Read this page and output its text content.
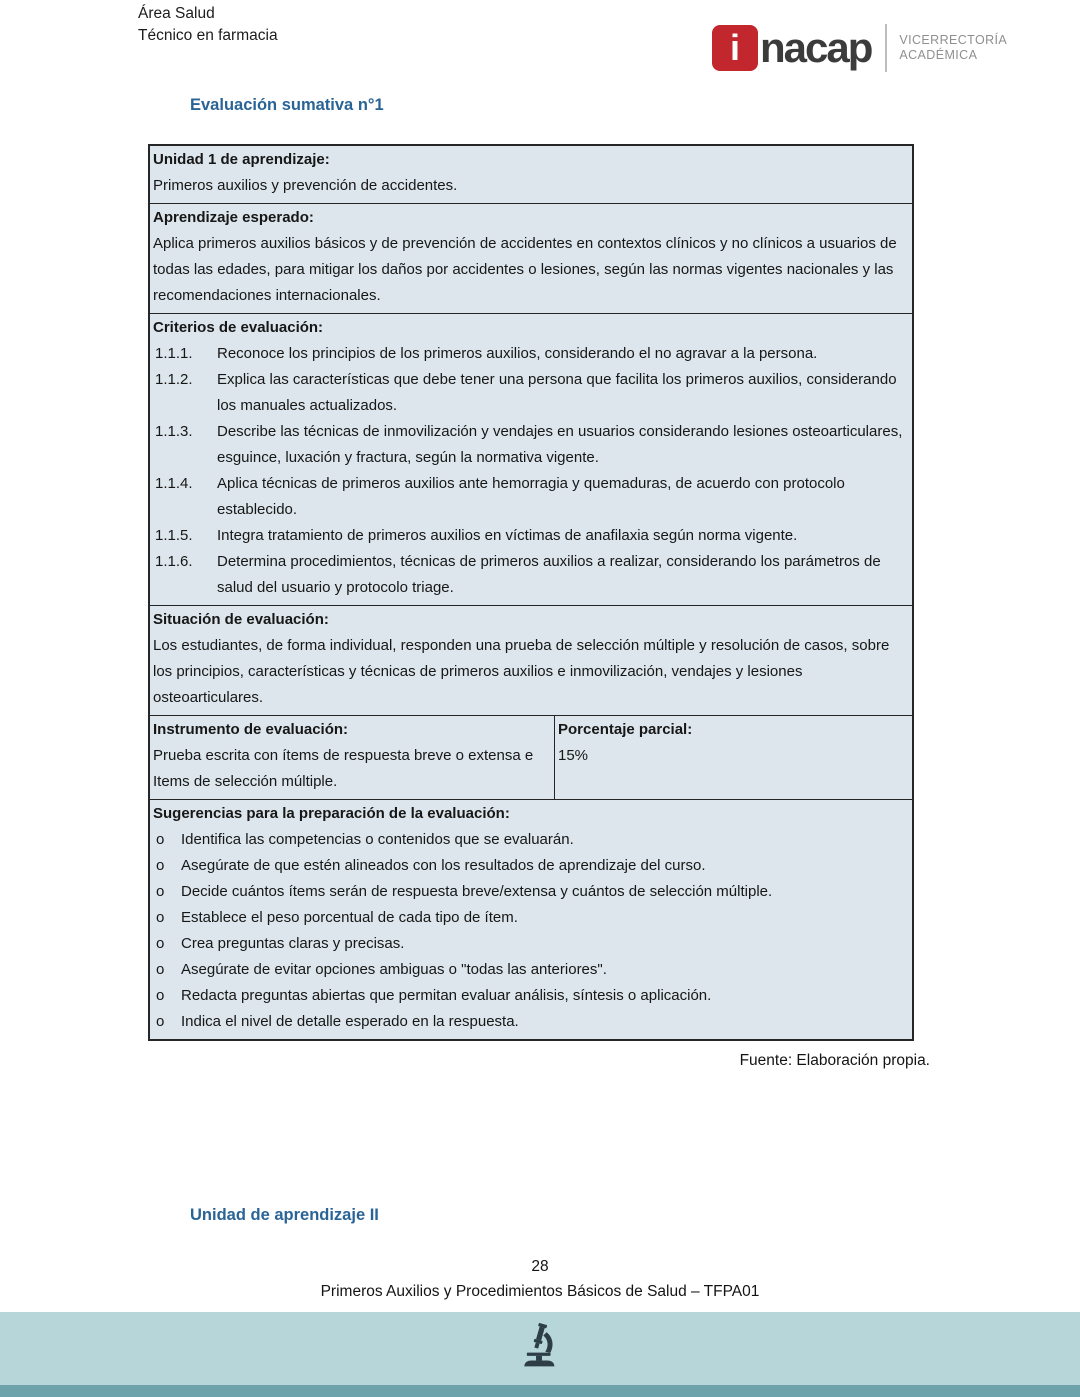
Área Salud
Técnico en farmacia	i nacap VICERRECTORÍA
ACADÉMICA
Evaluación sumativa n°1
Unidad 1 de aprendizaje:
Primeros auxilios y prevención de accidentes.
Aprendizaje esperado:
Aplica primeros auxilios básicos y de prevención de accidentes en contextos clínicos y no clínicos a usuarios de todas las edades, para mitigar los daños por accidentes o lesiones, según las normas vigentes nacionales y las recomendaciones internacionales.
Criterios de evaluación:
1.1.1.	Reconoce los principios de los primeros auxilios, considerando el no agravar a la persona.
1.1.2.	Explica las características que debe tener una persona que facilita los primeros auxilios, considerando los manuales actualizados.
1.1.3.	Describe las técnicas de inmovilización y vendajes en usuarios considerando lesiones osteoarticulares, esguince, luxación y fractura, según la normativa vigente.
1.1.4.	Aplica técnicas de primeros auxilios ante hemorragia y quemaduras, de acuerdo con protocolo establecido.
1.1.5.	Integra tratamiento de primeros auxilios en víctimas de anafilaxia según norma vigente.
1.1.6.	Determina procedimientos, técnicas de primeros auxilios a realizar, considerando los parámetros de salud del usuario y protocolo triage.
Situación de evaluación:
Los estudiantes, de forma individual, responden una prueba de selección múltiple y resolución de casos, sobre los principios, características y técnicas de primeros auxilios e inmovilización, vendajes y lesiones osteoarticulares.
Instrumento de evaluación:
Prueba escrita con ítems de respuesta breve o extensa e Items de selección múltiple.
Porcentaje parcial:
15%
Sugerencias para la preparación de la evaluación:
o	Identifica las competencias o contenidos que se evaluarán.
o	Asegúrate de que estén alineados con los resultados de aprendizaje del curso.
o	Decide cuántos ítems serán de respuesta breve/extensa y cuántos de selección múltiple.
o	Establece el peso porcentual de cada tipo de ítem.
o	Crea preguntas claras y precisas.
o	Asegúrate de evitar opciones ambiguas o "todas las anteriores".
o	Redacta preguntas abiertas que permitan evaluar análisis, síntesis o aplicación.
o	Indica el nivel de detalle esperado en la respuesta.
Fuente: Elaboración propia.
Unidad de aprendizaje II
28
Primeros Auxilios y Procedimientos Básicos de Salud – TFPA01
